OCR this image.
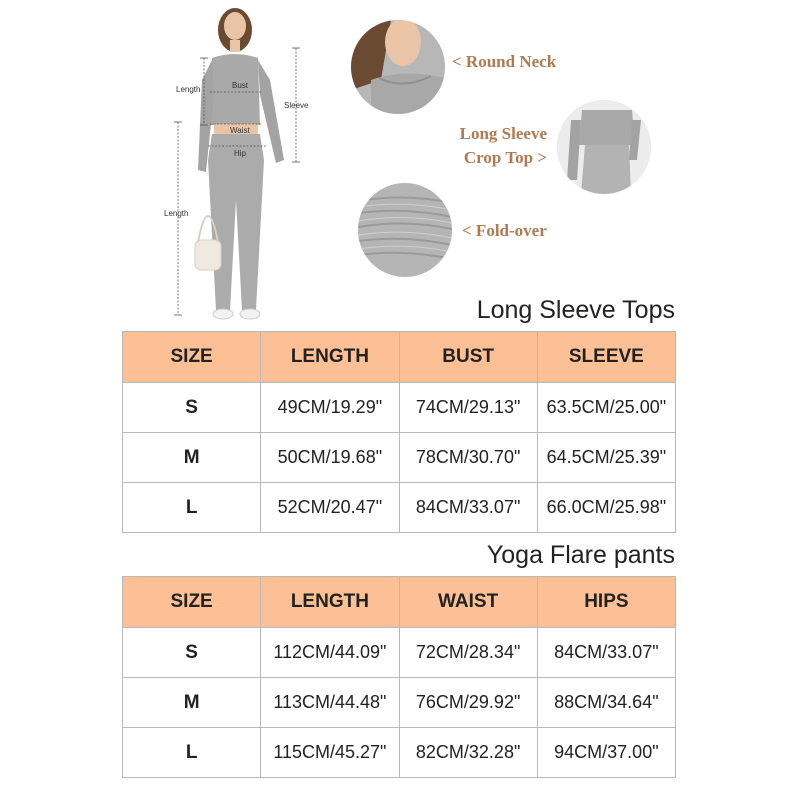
Length	Bust
Sleeve
Waist
Hip
Length
< Round Neck
Long Sleeve
Crop Top >
< Fold-over
Long Sleeve Tops
SIZE	LENGTH	BUST	SLEEVE
S	49CM/19.29"	74CM/29.13"	63.5CM/25.00"
M	50CM/19.68"	78CM/30.70"	64.5CM/25.39"
L	52CM/20.47"	84CM/33.07"	66.0CM/25.98"
Yoga Flare pants
SIZE	LENGTH	WAIST	HIPS
S	112CM/44.09"	72CM/28.34"	84CM/33.07"
M	113CM/44.48"	76CM/29.92"	88CM/34.64"
L	115CM/45.27"	82CM/32.28"	94CM/37.00"
